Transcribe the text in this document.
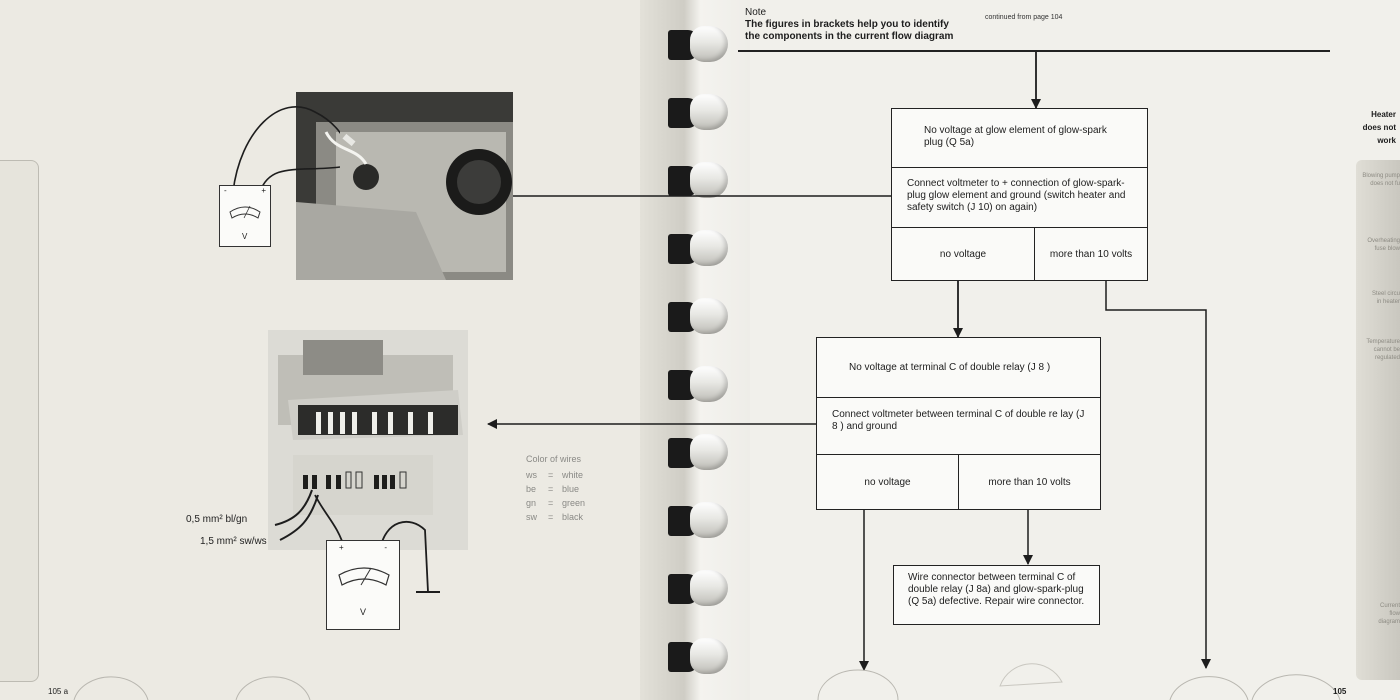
Heater
does not
work
Blowing pump
does not fu
Overheating
fuse blow
Steel circu
in heater
Temperature
cannot be
regulated
Current
flow
diagram
Note
The figures in brackets help you to identify
the components in the current flow diagram
continued from page 104
No voltage at glow element of glow-spark plug (Q 5a)
Connect voltmeter to + connection of glow-spark-plug glow element and ground (switch heater and safety switch (J 10) on again)
no voltage	more than 10 volts
No voltage at terminal C of double relay (J 8 )
Connect voltmeter between terminal C of double re lay (J 8 ) and ground
no voltage	more than 10 volts
Wire connector between terminal C of double relay (J 8a) and glow-spark-plug (Q 5a) defective. Repair wire connector.
-	+
V
+	-
V
0,5 mm² bl/gn
1,5 mm² sw/ws
Color of wires
ws = white
be = blue
gn = green
sw = black
105 a	105
